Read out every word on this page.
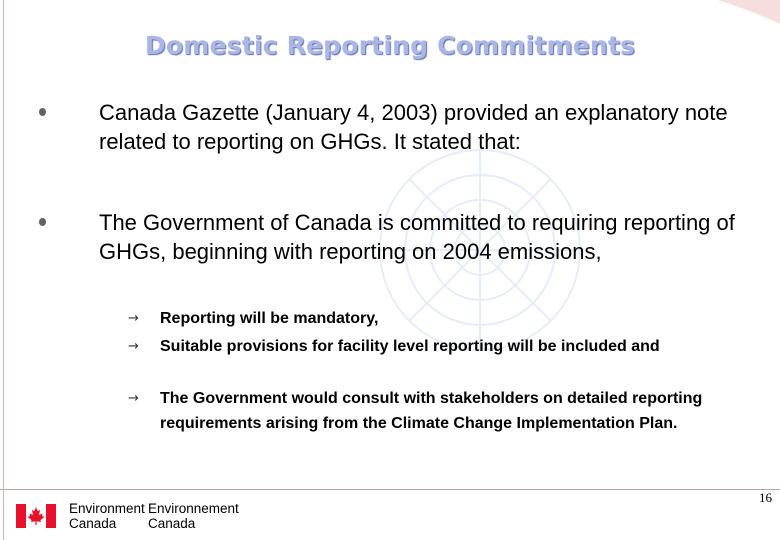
Domestic Reporting Commitments
Canada Gazette (January 4, 2003) provided an explanatory note related to reporting on GHGs. It stated that:
The Government of Canada is committed to requiring reporting of GHGs, beginning with reporting on 2004 emissions,
→ Reporting will be mandatory,
→ Suitable provisions for facility level reporting will be included and
→ The Government would consult with stakeholders on detailed reporting requirements arising from the Climate Change Implementation Plan.
Environment
Canada
Environnement
Canada
16
